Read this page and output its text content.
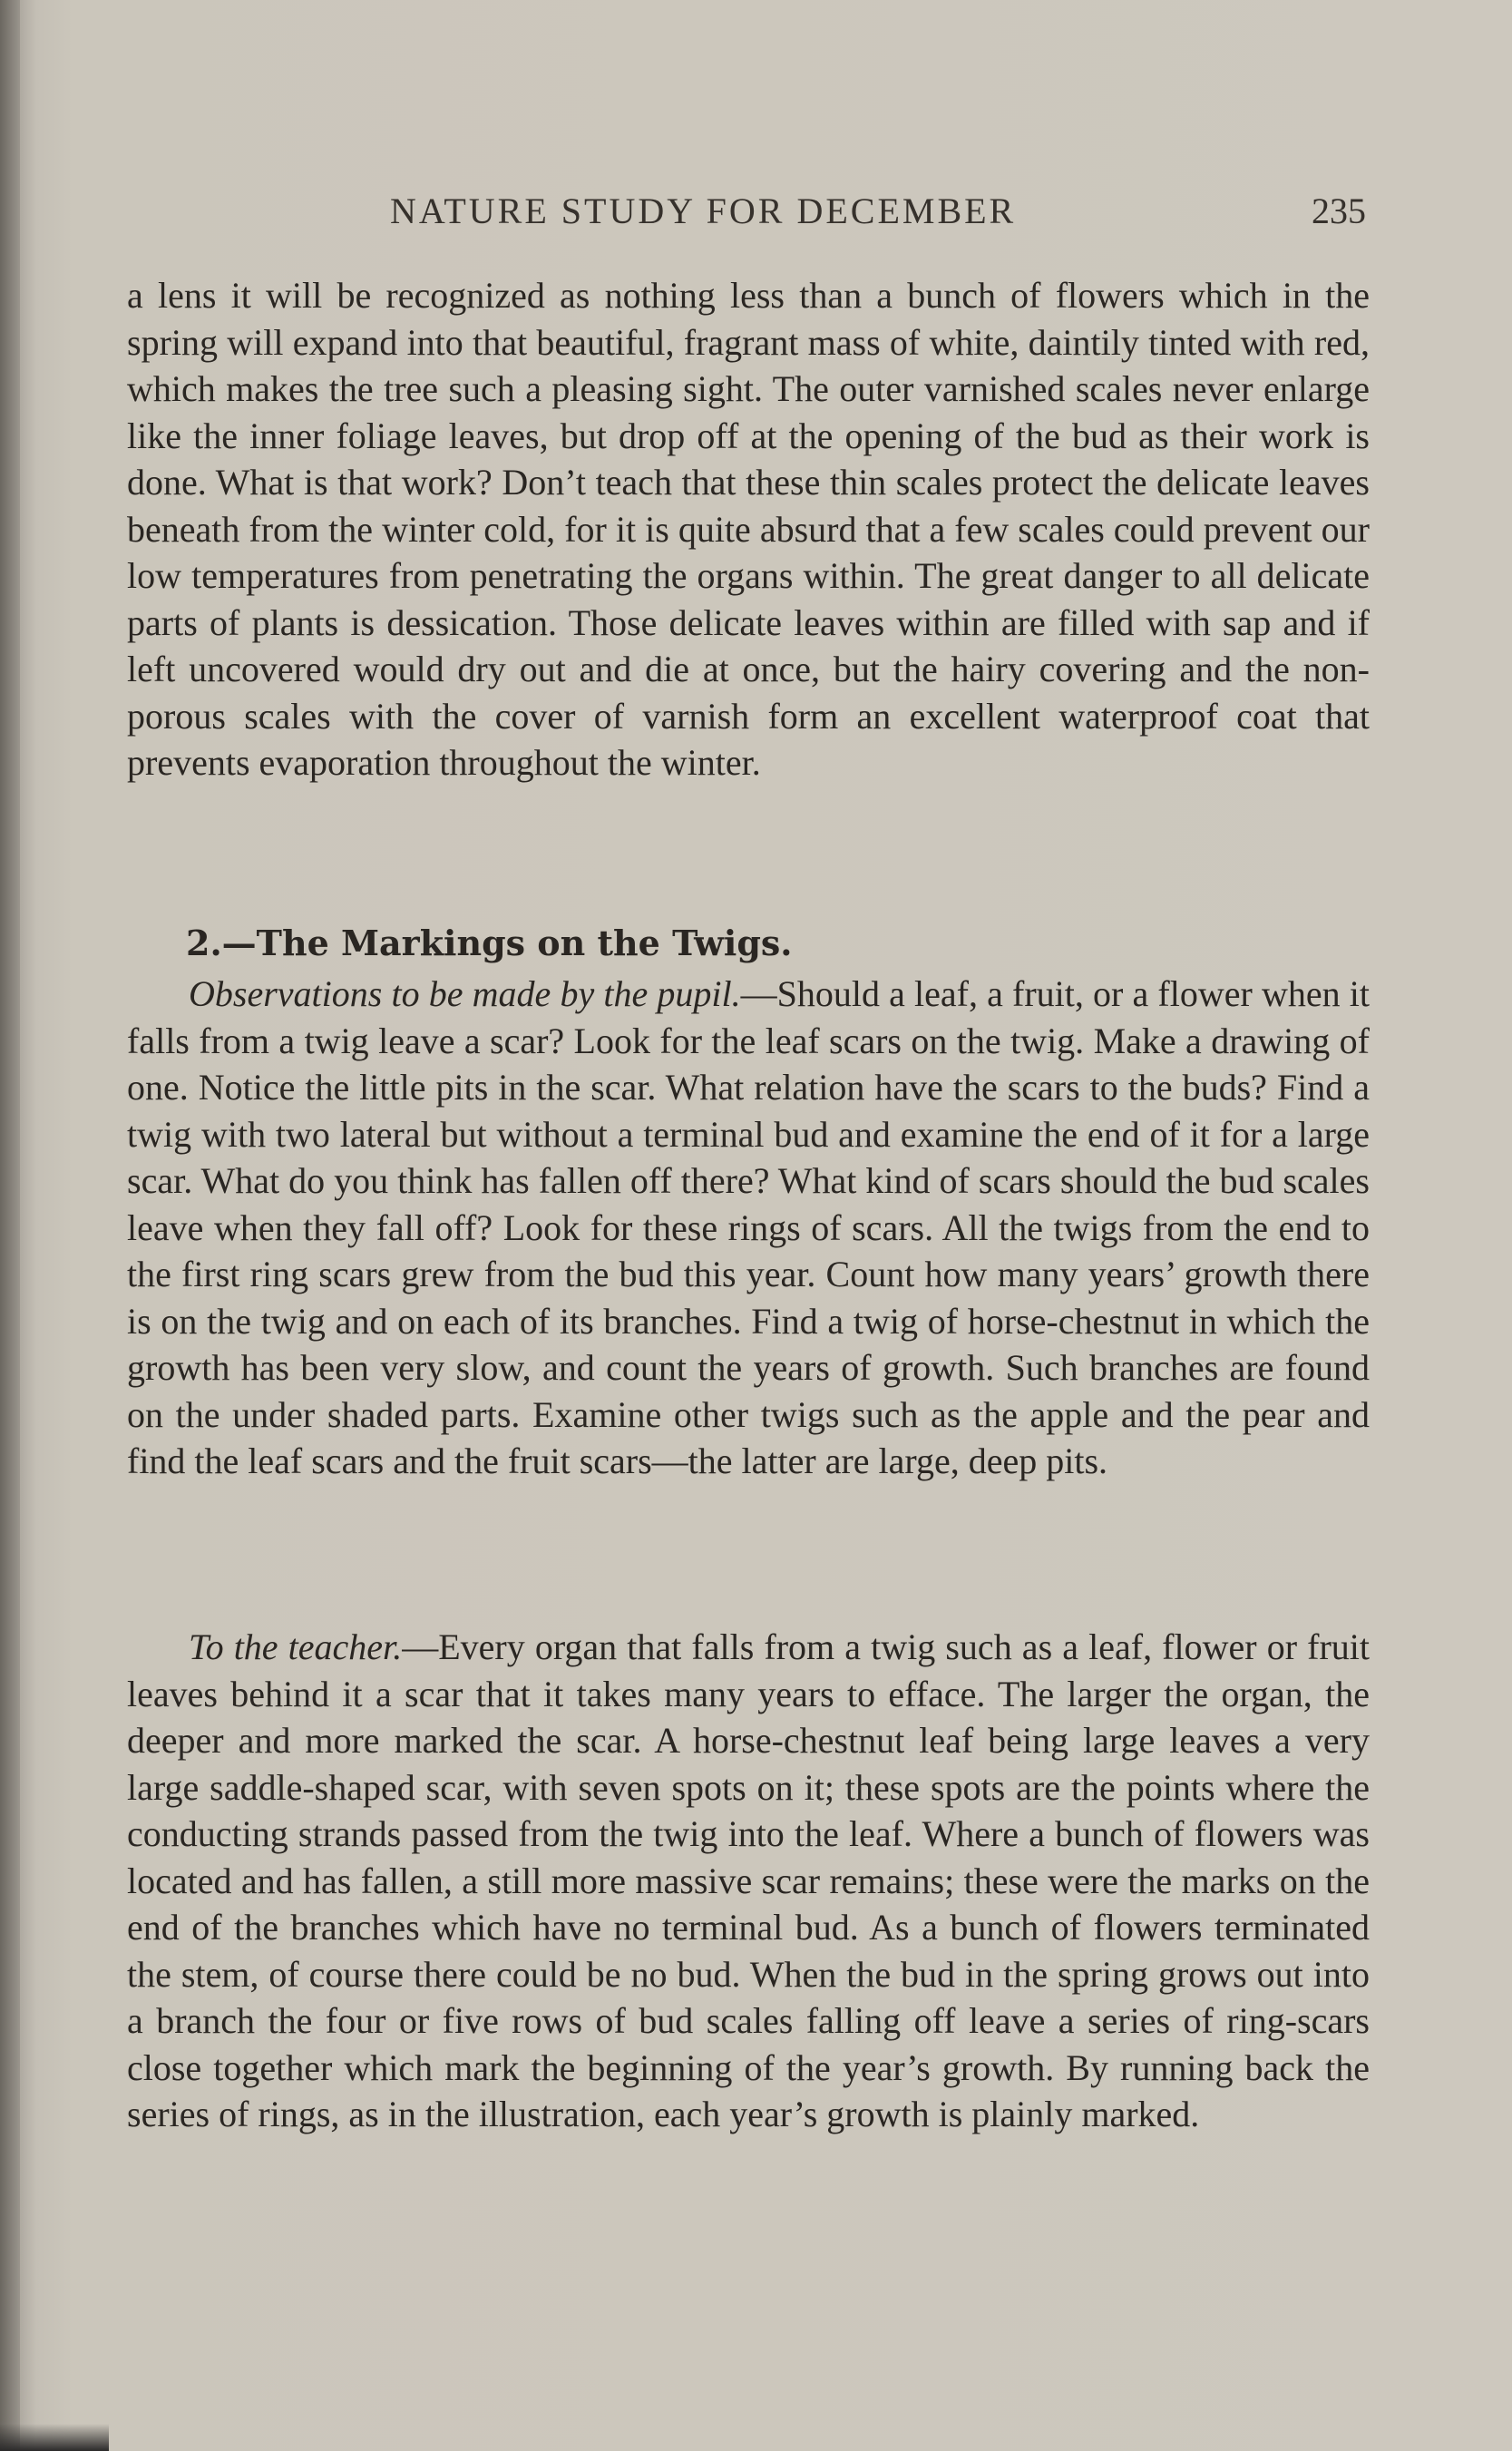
NATURE STUDY FOR DECEMBER	235

a lens it will be recognized as nothing less than a bunch of flowers which in the spring will expand into that beautiful, fragrant mass of white, daintily tinted with red, which makes the tree such a pleasing sight. The outer varnished scales never enlarge like the inner foliage leaves, but drop off at the opening of the bud as their work is done. What is that work? Don’t teach that these thin scales protect the delicate leaves beneath from the winter cold, for it is quite absurd that a few scales could prevent our low temperatures from penetrating the organs within. The great danger to all delicate parts of plants is dessication. Those delicate leaves within are filled with sap and if left uncovered would dry out and die at once, but the hairy covering and the non-porous scales with the cover of varnish form an excellent waterproof coat that prevents evaporation throughout the winter.

2.—The Markings on the Twigs.

Observations to be made by the pupil.—Should a leaf, a fruit, or a flower when it falls from a twig leave a scar? Look for the leaf scars on the twig. Make a drawing of one. Notice the little pits in the scar. What relation have the scars to the buds? Find a twig with two lateral but without a terminal bud and examine the end of it for a large scar. What do you think has fallen off there? What kind of scars should the bud scales leave when they fall off? Look for these rings of scars. All the twigs from the end to the first ring scars grew from the bud this year. Count how many years’ growth there is on the twig and on each of its branches. Find a twig of horse-chestnut in which the growth has been very slow, and count the years of growth. Such branches are found on the under shaded parts. Examine other twigs such as the apple and the pear and find the leaf scars and the fruit scars—the latter are large, deep pits.

To the teacher.—Every organ that falls from a twig such as a leaf, flower or fruit leaves behind it a scar that it takes many years to efface. The larger the organ, the deeper and more marked the scar. A horse-chestnut leaf being large leaves a very large saddle-shaped scar, with seven spots on it; these spots are the points where the conducting strands passed from the twig into the leaf. Where a bunch of flowers was located and has fallen, a still more massive scar remains; these were the marks on the end of the branches which have no terminal bud. As a bunch of flowers terminated the stem, of course there could be no bud. When the bud in the spring grows out into a branch the four or five rows of bud scales falling off leave a series of ring-scars close together which mark the beginning of the year’s growth. By running back the series of rings, as in the illustration, each year’s growth is plainly marked.
